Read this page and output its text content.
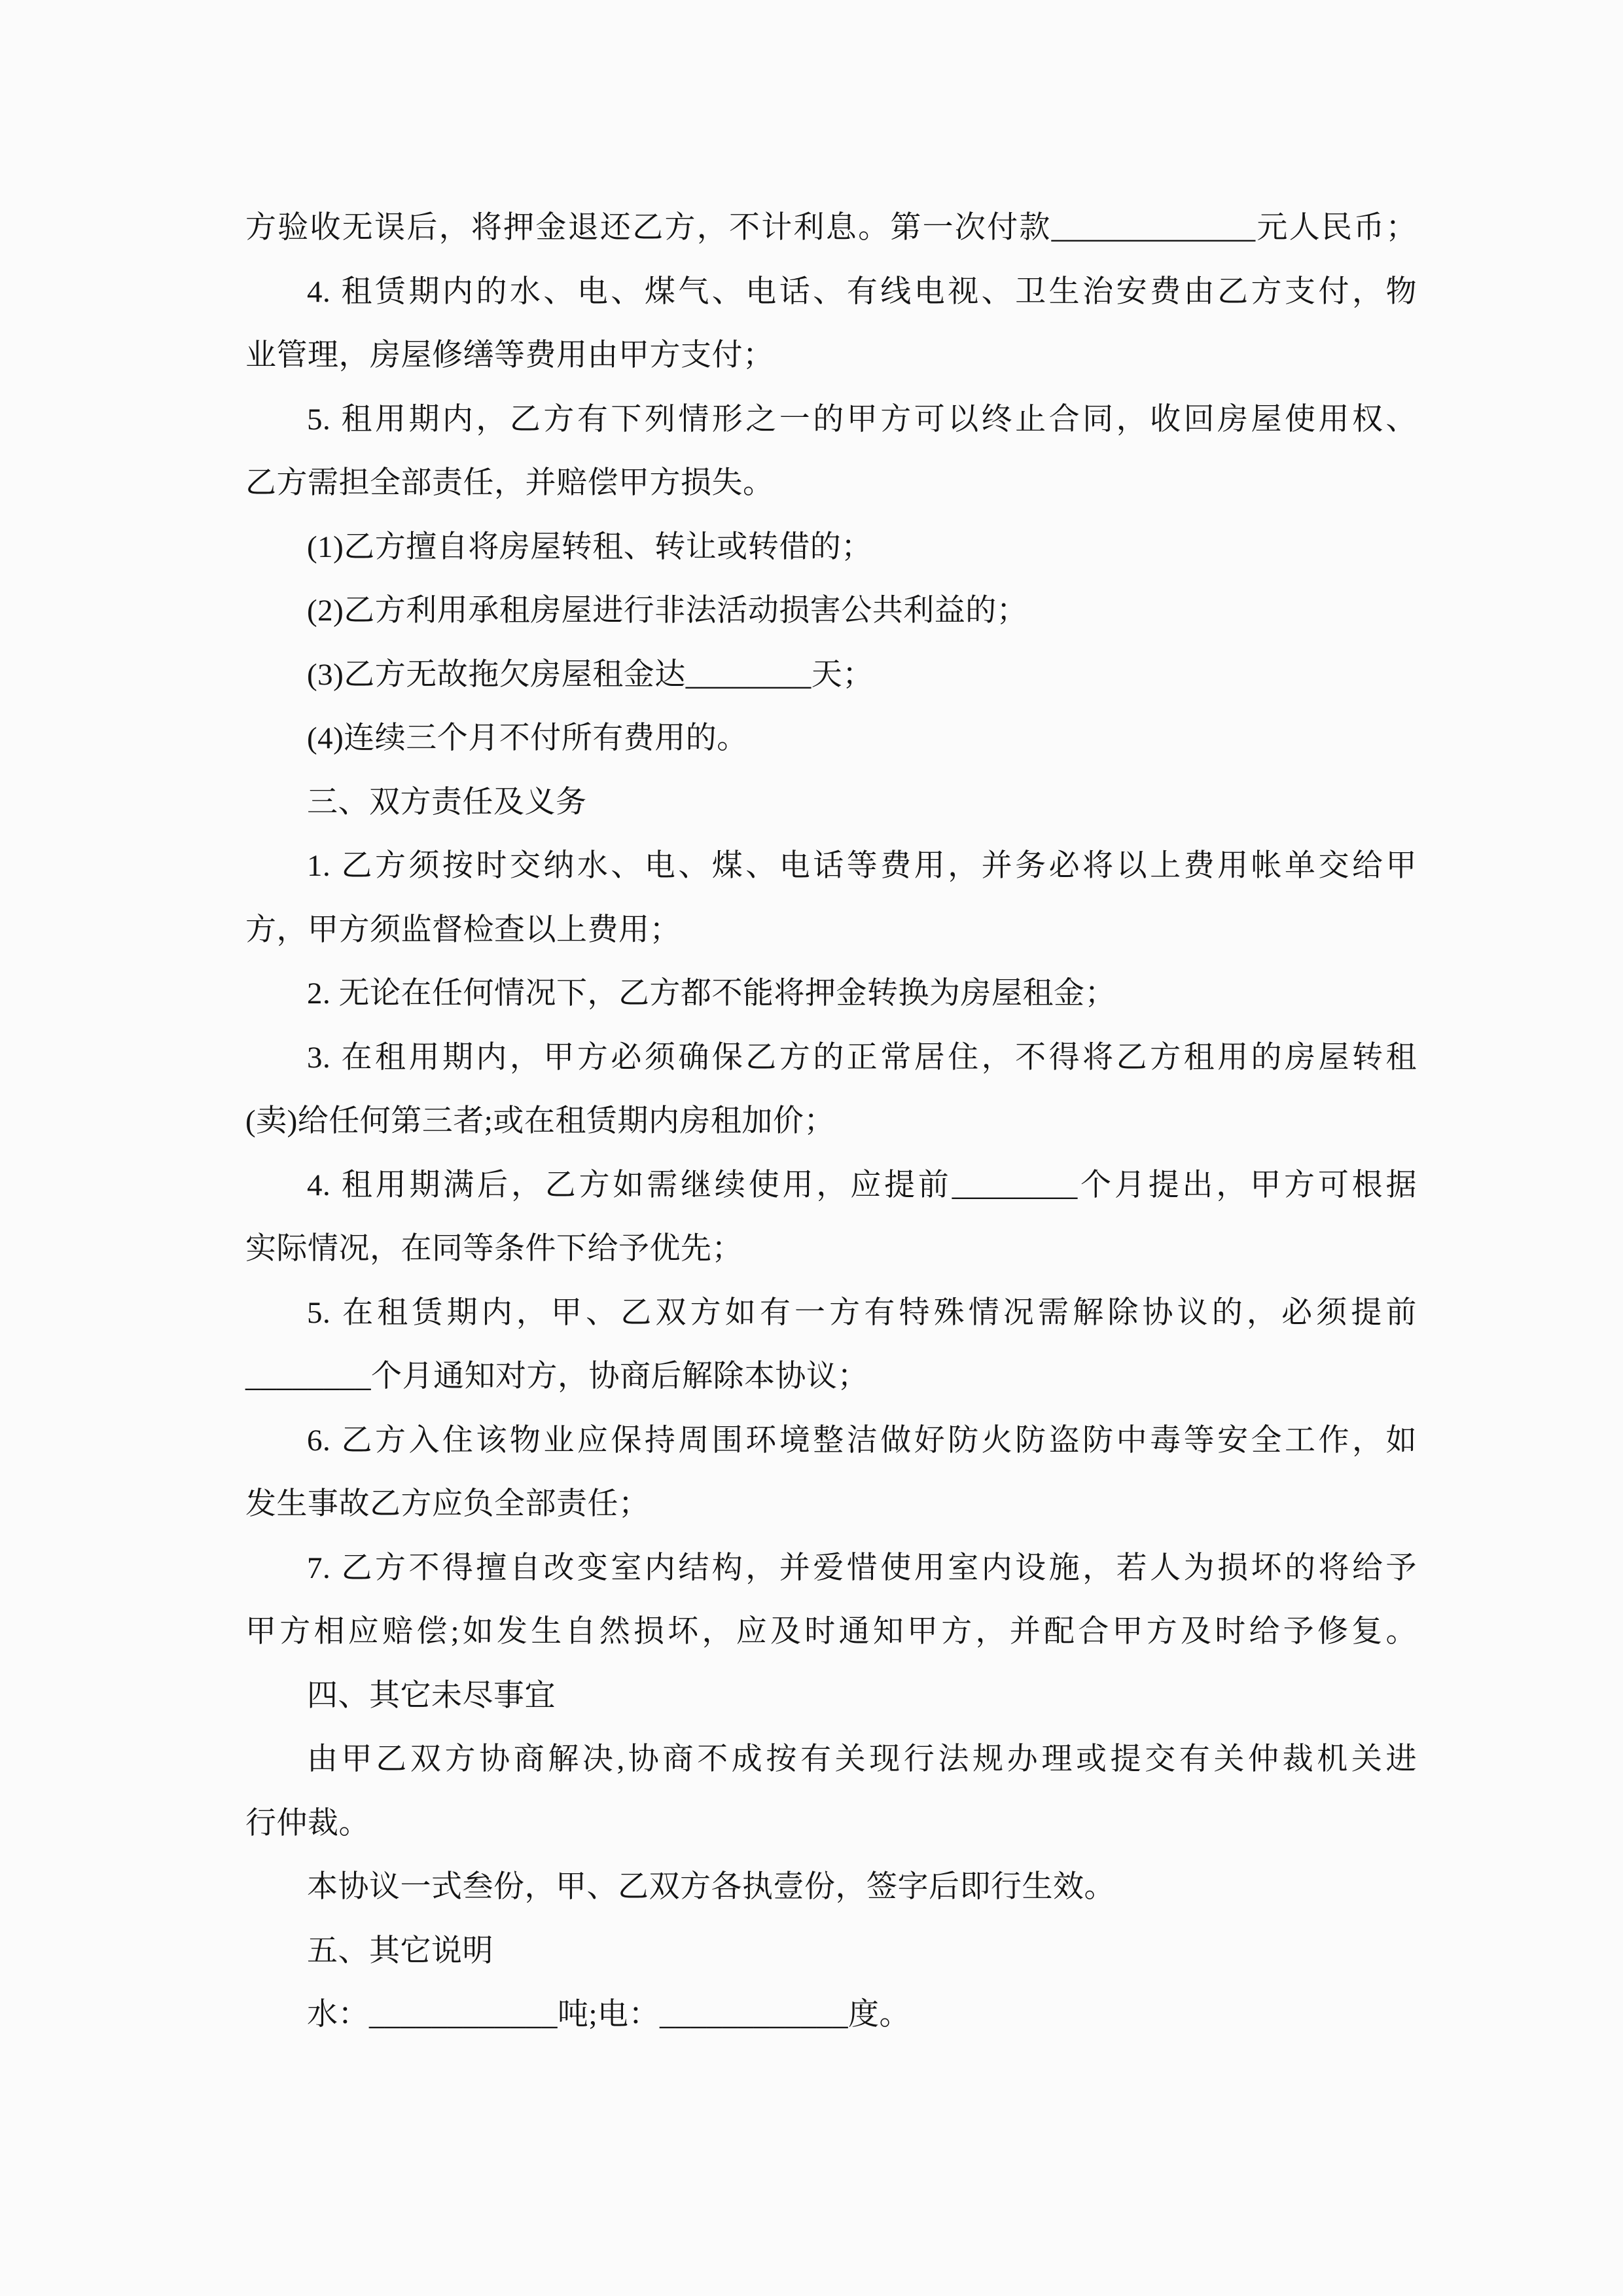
方验收无误后，将押金退还乙方，不计利息。第一次付款_____________元人民币；
4. 租赁期内的水、电、煤气、电话、有线电视、卫生治安费由乙方支付，物
业管理，房屋修缮等费用由甲方支付；
5. 租用期内，乙方有下列情形之一的甲方可以终止合同，收回房屋使用权、
乙方需担全部责任，并赔偿甲方损失。
(1)乙方擅自将房屋转租、转让或转借的；
(2)乙方利用承租房屋进行非法活动损害公共利益的；
(3)乙方无故拖欠房屋租金达________天；
(4)连续三个月不付所有费用的。
三、双方责任及义务
1. 乙方须按时交纳水、电、煤、电话等费用，并务必将以上费用帐单交给甲
方，甲方须监督检查以上费用；
2. 无论在任何情况下，乙方都不能将押金转换为房屋租金；
3. 在租用期内，甲方必须确保乙方的正常居住，不得将乙方租用的房屋转租
(卖)给任何第三者;或在租赁期内房租加价；
4. 租用期满后，乙方如需继续使用，应提前________个月提出，甲方可根据
实际情况，在同等条件下给予优先；
5. 在租赁期内，甲、乙双方如有一方有特殊情况需解除协议的，必须提前
________个月通知对方，协商后解除本协议；
6. 乙方入住该物业应保持周围环境整洁做好防火防盗防中毒等安全工作，如
发生事故乙方应负全部责任；
7. 乙方不得擅自改变室内结构，并爱惜使用室内设施，若人为损坏的将给予
甲方相应赔偿;如发生自然损坏，应及时通知甲方，并配合甲方及时给予修复。
四、其它未尽事宜
由甲乙双方协商解决,协商不成按有关现行法规办理或提交有关仲裁机关进
行仲裁。
本协议一式叁份，甲、乙双方各执壹份，签字后即行生效。
五、其它说明
水：____________吨;电：____________度。
